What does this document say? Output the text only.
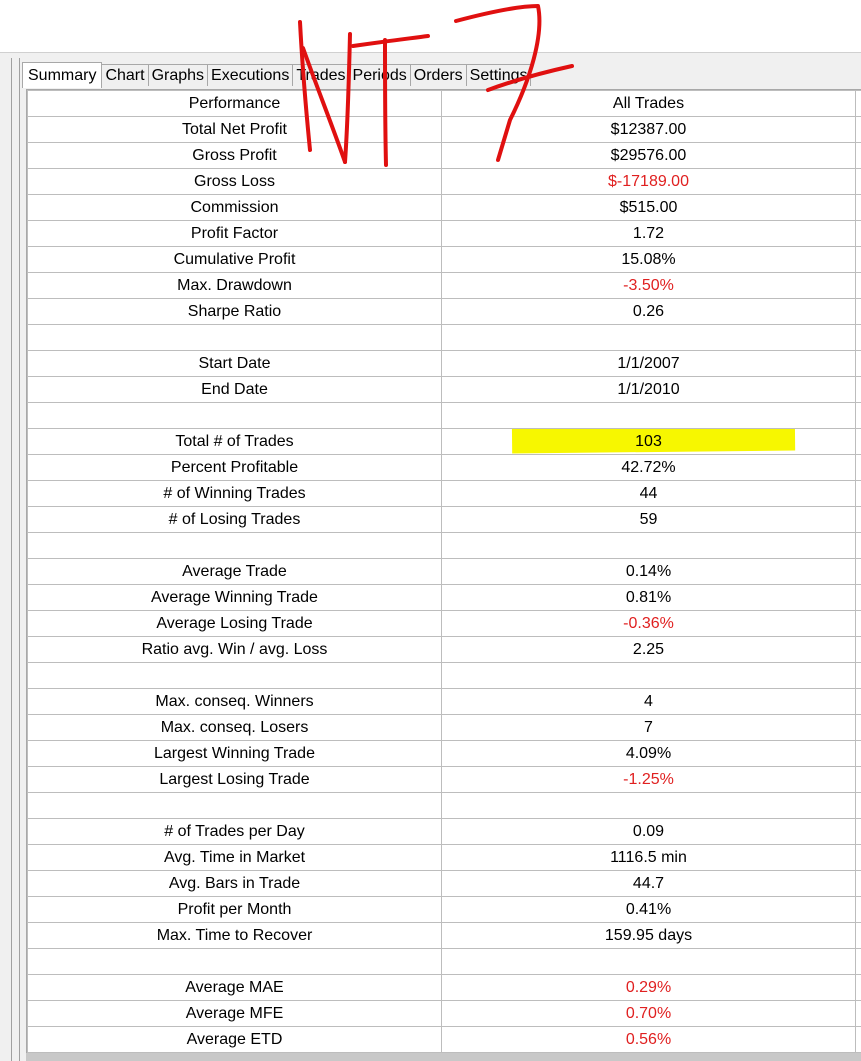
Summary Chart Graphs Executions Trades Periods Orders Settings
Performance	All Trades	
Total Net Profit	$12387.00	
Gross Profit	$29576.00	
Gross Loss	$-17189.00	
Commission	$515.00	
Profit Factor	1.72	
Cumulative Profit	15.08%	
Max. Drawdown	-3.50%	
Sharpe Ratio	0.26	

Start Date	1/1/2007	
End Date	1/1/2010	

Total # of Trades	103	
Percent Profitable	42.72%	
# of Winning Trades	44	
# of Losing Trades	59	

Average Trade	0.14%	
Average Winning Trade	0.81%	
Average Losing Trade	-0.36%	
Ratio avg. Win / avg. Loss	2.25	

Max. conseq. Winners	4	
Max. conseq. Losers	7	
Largest Winning Trade	4.09%	
Largest Losing Trade	-1.25%	

# of Trades per Day	0.09	
Avg. Time in Market	1116.5 min	
Avg. Bars in Trade	44.7	
Profit per Month	0.41%	
Max. Time to Recover	159.95 days	

Average MAE	0.29%	
Average MFE	0.70%	
Average ETD	0.56%	
